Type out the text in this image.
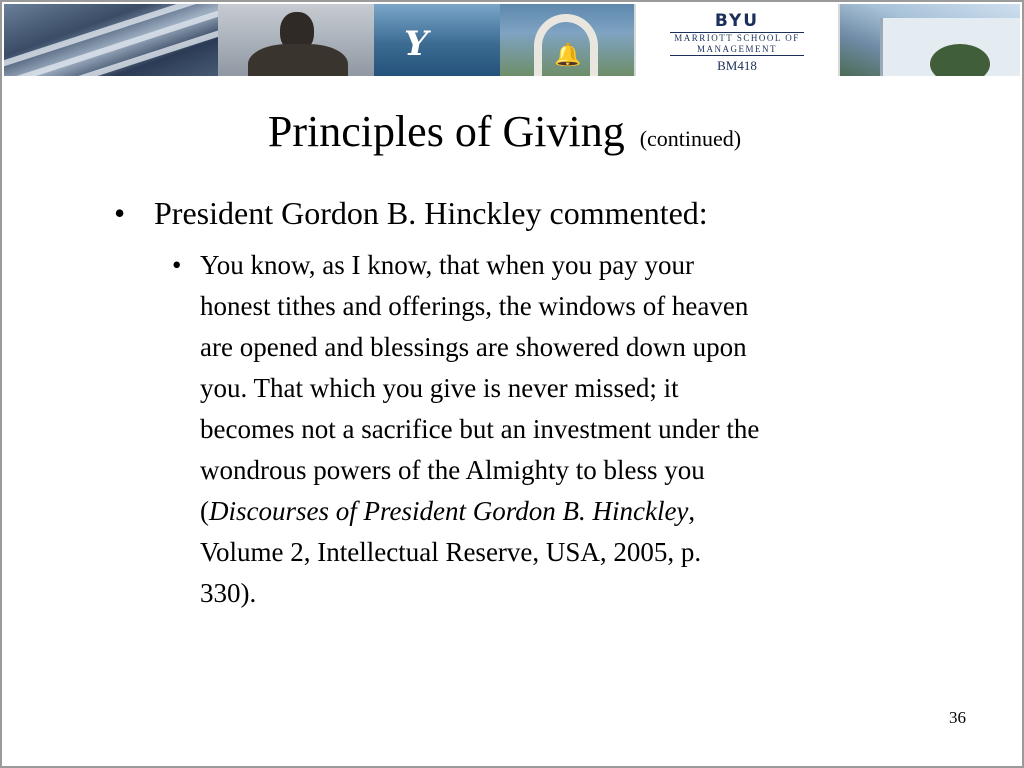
Y	🔔
BYU
MARRIOTT SCHOOL OF MANAGEMENT
BM418
Principles of Giving (continued)
• President Gordon B. Hinckley commented:
• You know, as I know, that when you pay your
honest tithes and offerings, the windows of heaven
are opened and blessings are showered down upon
you. That which you give is never missed; it
becomes not a sacrifice but an investment under the
wondrous powers of the Almighty to bless you
(Discourses of President Gordon B. Hinckley,
Volume 2, Intellectual Reserve, USA, 2005, p.
330).
36
